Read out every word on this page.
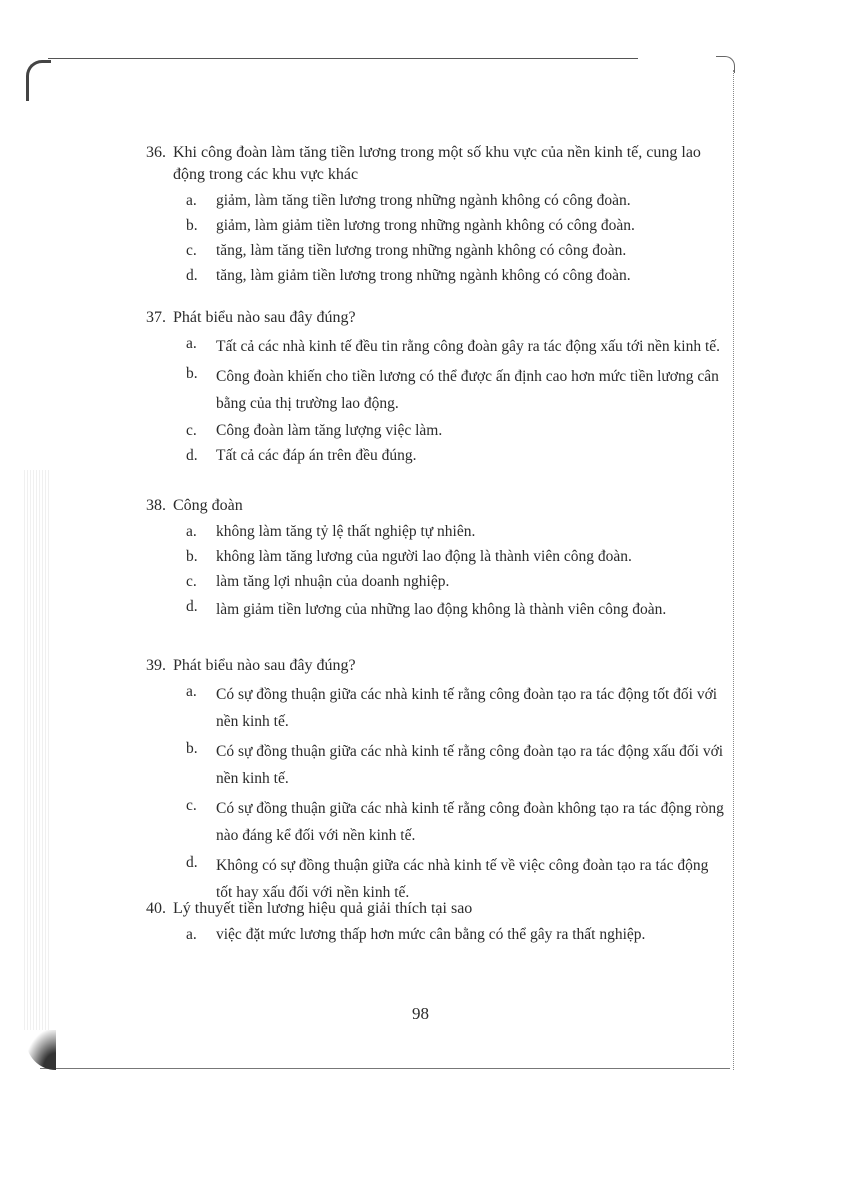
36. Khi công đoàn làm tăng tiền lương trong một số khu vực của nền kinh tế, cung lao động trong các khu vực khác
a. giảm, làm tăng tiền lương trong những ngành không có công đoàn.
b. giảm, làm giảm tiền lương trong những ngành không có công đoàn.
c. tăng, làm tăng tiền lương trong những ngành không có công đoàn.
d. tăng, làm giảm tiền lương trong những ngành không có công đoàn.
37. Phát biểu nào sau đây đúng?
a. Tất cả các nhà kinh tế đều tin rằng công đoàn gây ra tác động xấu tới nền kinh tế.
b. Công đoàn khiến cho tiền lương có thể được ấn định cao hơn mức tiền lương cân bằng của thị trường lao động.
c. Công đoàn làm tăng lượng việc làm.
d. Tất cả các đáp án trên đều đúng.
38. Công đoàn
a. không làm tăng tỷ lệ thất nghiệp tự nhiên.
b. không làm tăng lương của người lao động là thành viên công đoàn.
c. làm tăng lợi nhuận của doanh nghiệp.
d. làm giảm tiền lương của những lao động không là thành viên công đoàn.
39. Phát biểu nào sau đây đúng?
a. Có sự đồng thuận giữa các nhà kinh tế rằng công đoàn tạo ra tác động tốt đối với nền kinh tế.
b. Có sự đồng thuận giữa các nhà kinh tế rằng công đoàn tạo ra tác động xấu đối với nền kinh tế.
c. Có sự đồng thuận giữa các nhà kinh tế rằng công đoàn không tạo ra tác động ròng nào đáng kể đối với nền kinh tế.
d. Không có sự đồng thuận giữa các nhà kinh tế về việc công đoàn tạo ra tác động tốt hay xấu đối với nền kinh tế.
40. Lý thuyết tiền lương hiệu quả giải thích tại sao
a. việc đặt mức lương thấp hơn mức cân bằng có thể gây ra thất nghiệp.
98
